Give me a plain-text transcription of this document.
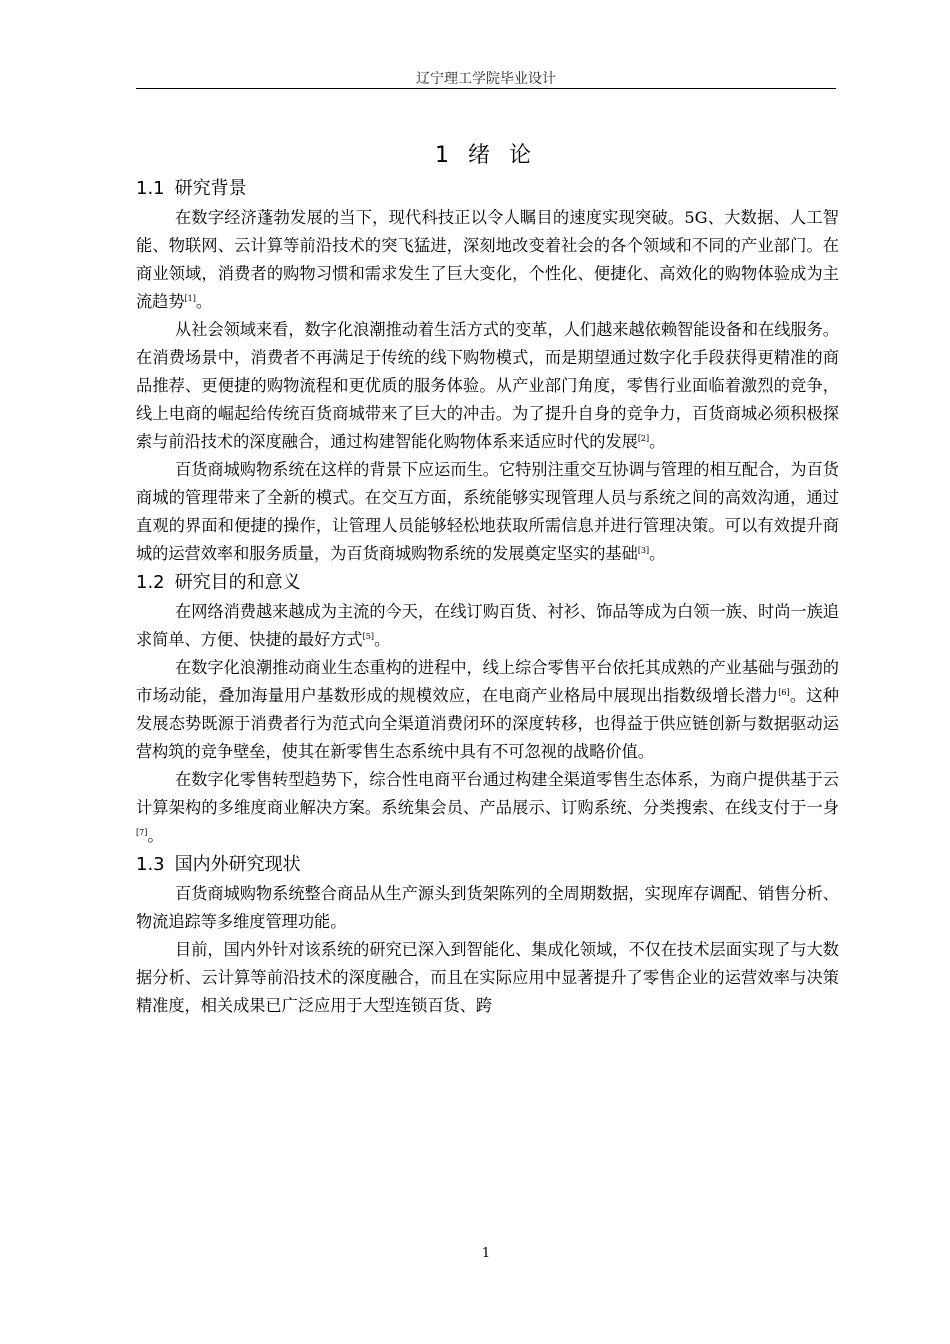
辽宁理工学院毕业设计
1 绪 论
1.1 研究背景

在数字经济蓬勃发展的当下，现代科技正以令人瞩目的速度实现突破。5G、大数据、人工智能、物联网、云计算等前沿技术的突飞猛进，深刻地改变着社会的各个领域和不同的产业部门。在商业领域，消费者的购物习惯和需求发生了巨大变化，个性化、便捷化、高效化的购物体验成为主流趋势[1]。

从社会领域来看，数字化浪潮推动着生活方式的变革，人们越来越依赖智能设备和在线服务。在消费场景中，消费者不再满足于传统的线下购物模式，而是期望通过数字化手段获得更精准的商品推荐、更便捷的购物流程和更优质的服务体验。从产业部门角度，零售行业面临着激烈的竞争，线上电商的崛起给传统百货商城带来了巨大的冲击。为了提升自身的竞争力，百货商城必须积极探索与前沿技术的深度融合，通过构建智能化购物体系来适应时代的发展[2]。

百货商城购物系统在这样的背景下应运而生。它特别注重交互协调与管理的相互配合，为百货商城的管理带来了全新的模式。在交互方面，系统能够实现管理人员与系统之间的高效沟通，通过直观的界面和便捷的操作，让管理人员能够轻松地获取所需信息并进行管理决策。可以有效提升商城的运营效率和服务质量，为百货商城购物系统的发展奠定坚实的基础[3]。

1.2 研究目的和意义

在网络消费越来越成为主流的今天，在线订购百货、衬衫、饰品等成为白领一族、时尚一族追求简单、方便、快捷的最好方式[5]。

在数字化浪潮推动商业生态重构的进程中，线上综合零售平台依托其成熟的产业基础与强劲的市场动能，叠加海量用户基数形成的规模效应，在电商产业格局中展现出指数级增长潜力[6]。这种发展态势既源于消费者行为范式向全渠道消费闭环的深度转移，也得益于供应链创新与数据驱动运营构筑的竞争壁垒，使其在新零售生态系统中具有不可忽视的战略价值。

在数字化零售转型趋势下，综合性电商平台通过构建全渠道零售生态体系，为商户提供基于云计算架构的多维度商业解决方案。系统集会员、产品展示、订购系统、分类搜索、在线支付于一身[7]。

1.3 国内外研究现状

百货商城购物系统整合商品从生产源头到货架陈列的全周期数据，实现库存调配、销售分析、物流追踪等多维度管理功能。

目前，国内外针对该系统的研究已深入到智能化、集成化领域，不仅在技术层面实现了与大数据分析、云计算等前沿技术的深度融合，而且在实际应用中显著提升了零售企业的运营效率与决策精准度，相关成果已广泛应用于大型连锁百货、跨

1
